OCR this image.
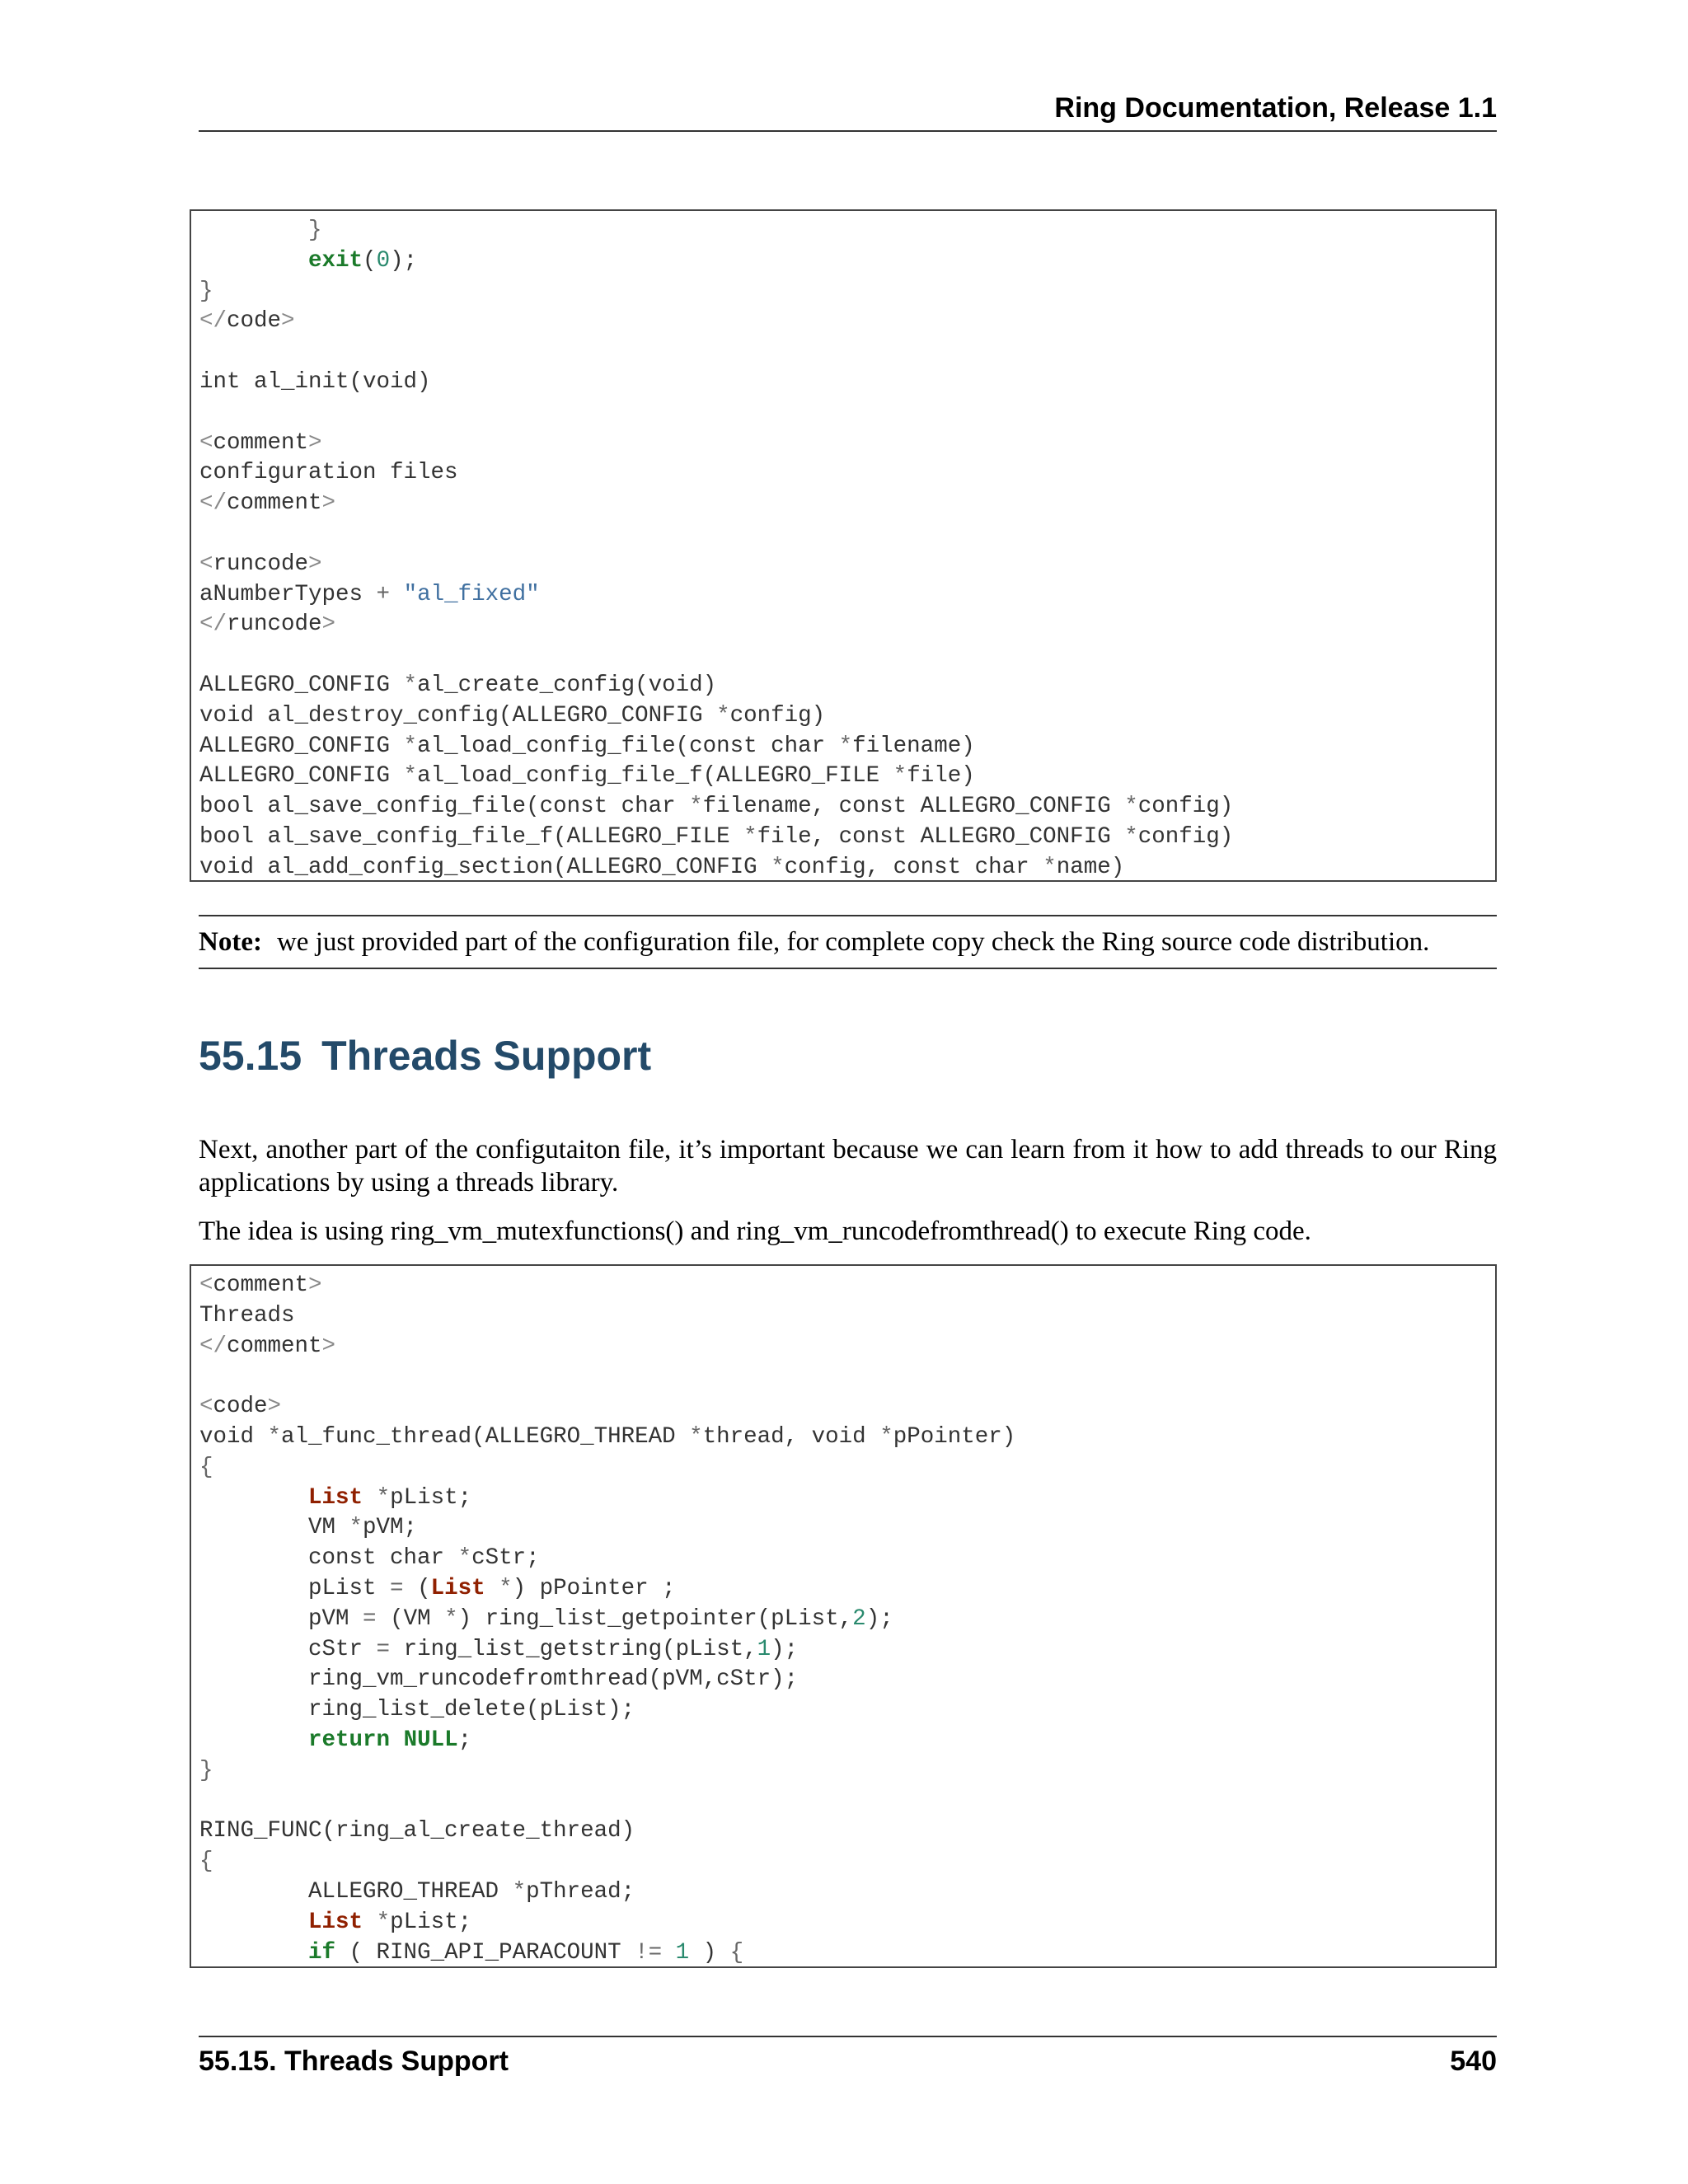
Ring Documentation, Release 1.1
}
exit(0);
}
</code>

int al_init(void)

<comment>
configuration files
</comment>

<runcode>
aNumberTypes + "al_fixed"
</runcode>

ALLEGRO_CONFIG *al_create_config(void)
void al_destroy_config(ALLEGRO_CONFIG *config)
ALLEGRO_CONFIG *al_load_config_file(const char *filename)
ALLEGRO_CONFIG *al_load_config_file_f(ALLEGRO_FILE *file)
bool al_save_config_file(const char *filename, const ALLEGRO_CONFIG *config)
bool al_save_config_file_f(ALLEGRO_FILE *file, const ALLEGRO_CONFIG *config)
void al_add_config_section(ALLEGRO_CONFIG *config, const char *name)
Note: we just provided part of the configuration file, for complete copy check the Ring source code distribution.
55.15 Threads Support

Next, another part of the configutaiton file, it’s important because we can learn from it how to add threads to our Ring applications by using a threads library.

The idea is using ring_vm_mutexfunctions() and ring_vm_runcodefromthread() to execute Ring code.

<comment>
Threads
</comment>

<code>
void *al_func_thread(ALLEGRO_THREAD *thread, void *pPointer)
{
List *pList;
VM *pVM;
const char *cStr;
pList = (List *) pPointer ;
pVM = (VM *) ring_list_getpointer(pList,2);
cStr = ring_list_getstring(pList,1);
ring_vm_runcodefromthread(pVM,cStr);
ring_list_delete(pList);
return NULL;
}

RING_FUNC(ring_al_create_thread)
{
ALLEGRO_THREAD *pThread;
List *pList;
if ( RING_API_PARACOUNT != 1 ) {
55.15. Threads Support	540
